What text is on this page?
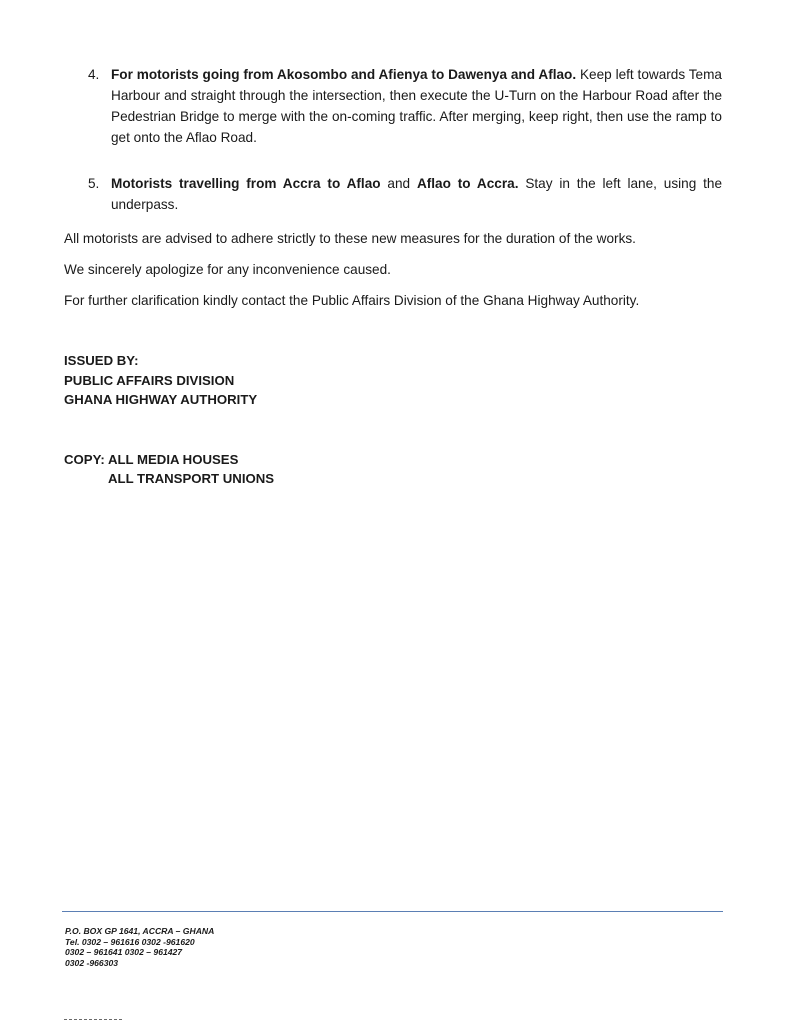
4. For motorists going from Akosombo and Afienya to Dawenya and Aflao. Keep left towards Tema Harbour and straight through the intersection, then execute the U-Turn on the Harbour Road after the Pedestrian Bridge to merge with the on-coming traffic. After merging, keep right, then use the ramp to get onto the Aflao Road.
5. Motorists travelling from Accra to Aflao and Aflao to Accra. Stay in the left lane, using the underpass.
All motorists are advised to adhere strictly to these new measures for the duration of the works.
We sincerely apologize for any inconvenience caused.
For further clarification kindly contact the Public Affairs Division of the Ghana Highway Authority.
ISSUED BY:
PUBLIC AFFAIRS DIVISION
GHANA HIGHWAY AUTHORITY
COPY: ALL MEDIA HOUSES
ALL TRANSPORT UNIONS
P.O. BOX GP 1641, ACCRA – GHANA
Tel. 0302 – 961616 0302 -961620
0302 – 961641 0302 – 961427
0302 -966303
